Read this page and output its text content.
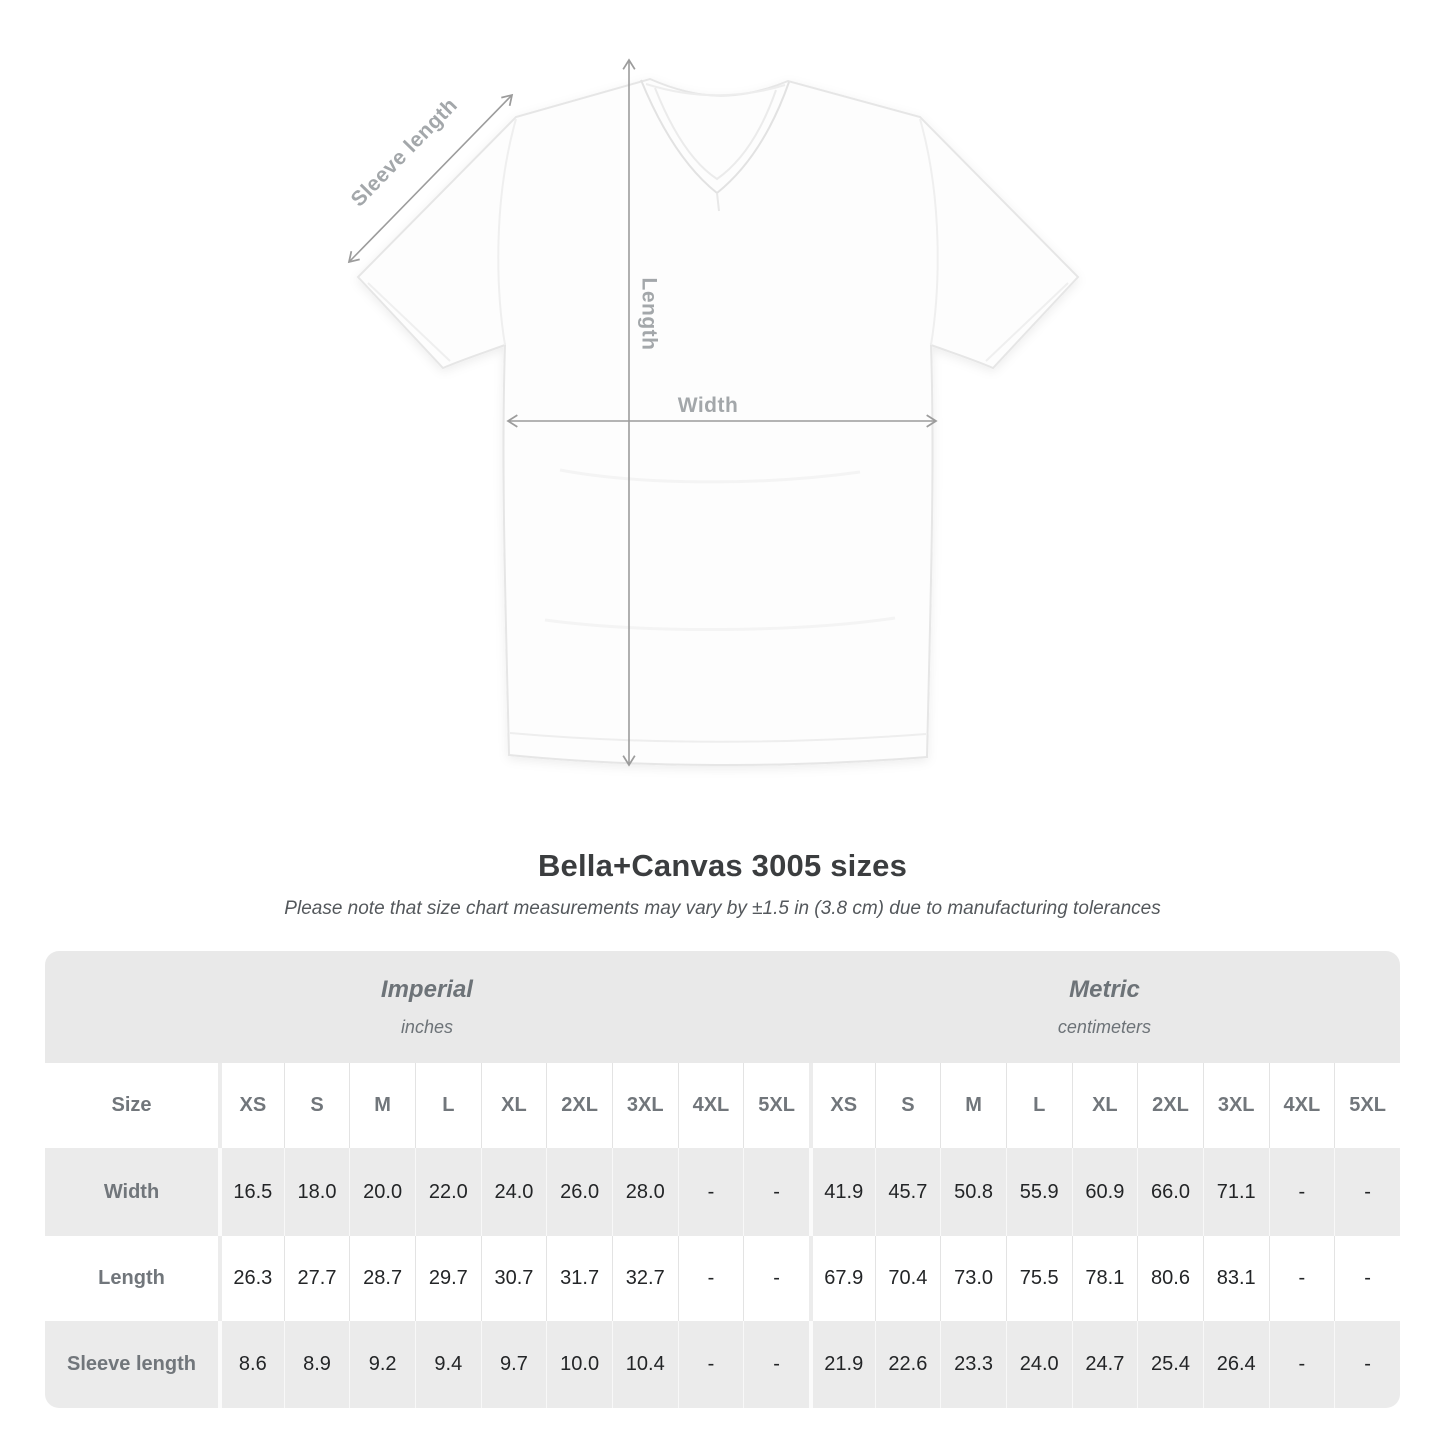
Sleeve length
Length
Width
Bella+Canvas 3005 sizes
Please note that size chart measurements may vary by ±1.5 in (3.8 cm) due to manufacturing tolerances
Imperial
inches

Metric
centimeters

Size	XS	S	M	L	XL	2XL	3XL	4XL	5XL	XS	S	M	L	XL	2XL	3XL	4XL	5XL
Width	16.5	18.0	20.0	22.0	24.0	26.0	28.0	-	-	41.9	45.7	50.8	55.9	60.9	66.0	71.1	-	-
Length	26.3	27.7	28.7	29.7	30.7	31.7	32.7	-	-	67.9	70.4	73.0	75.5	78.1	80.6	83.1	-	-
Sleeve length	8.6	8.9	9.2	9.4	9.7	10.0	10.4	-	-	21.9	22.6	23.3	24.0	24.7	25.4	26.4	-	-
